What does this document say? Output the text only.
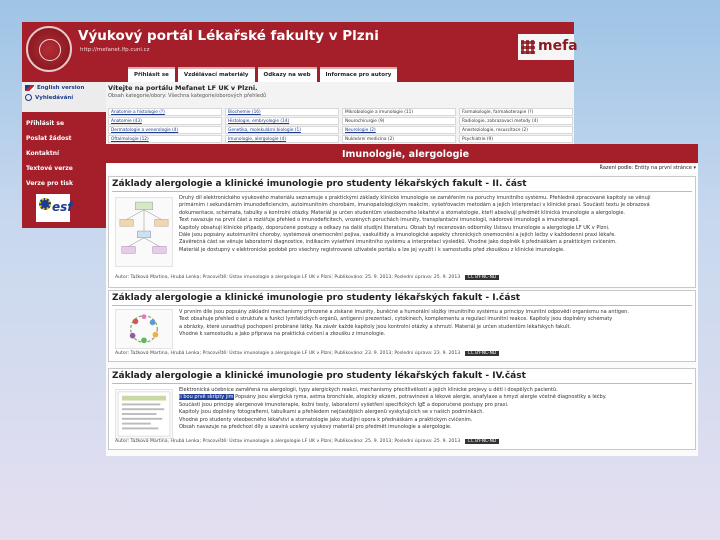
Výukový portál Lékařské fakulty v Plzni
http://mefanet.lfp.cuni.cz	mefa
Přihlásit se	Vzdělávací materiály	Odkazy na web	Informace pro autory
English version
Vyhledávání
Přihlásit se
Poslat žádost
Kontaktní
Textové verze
Verze pro tisk
esf
Vítejte na portálu Mefanet LF UK v Plzni.
Obsah kategorie/obory: Všechna kategorie/oborových přehledů
Anatomie a histologie (?)	Biochemie (16)	Mikrobiologie a imunologie (11)	Farmakologie, farmakoterapie (?)
Anatomie (43)	Histologie, embryologie (14)	Neurochirurgie (9)	Radiologie, zobrazovací metody (4)
Dermatologie a venerologie (4)	Genetika, molekulární biologie (1)	Neurologie (2)	Anesteziologie, resuscitace (2)
Oftalmologie (12)	Imunologie, alergologie (4)	Nukleární medicína (2)	Psychiatrie (9)
Imunologie, alergologie
Řazení podle: Entity na první stránce ▾
Základy alergologie a klinické imunologie pro studenty lékařských fakult - II. část
Druhý díl elektronického výukového materiálu seznamuje s praktickými základy klinické imunologie se zaměřením na poruchy imunitního systému. Přehledně zpracované kapitoly se věnují
primárním i sekundárním imunodeficiencím, autoimunitním chorobám, imunopatologickým reakcím, vyšetřovacím metodám a jejich interpretaci v klinické praxi. Součástí textu je obrazová
dokumentace, schémata, tabulky a kontrolní otázky. Materiál je určen studentům všeobecného lékařství a stomatologie, kteří absolvují předmět klinická imunologie a alergologie.
Text navazuje na první část a rozšiřuje přehled o imunodeficitech, vrozených poruchách imunity, transplantační imunologii, nádorové imunologii a imunoterapii.
Kapitoly obsahují klinické případy, doporučené postupy a odkazy na další studijní literaturu. Obsah byl recenzován odborníky Ústavu imunologie a alergologie LF UK v Plzni.
Dále jsou popsány autoimunitní choroby, systémová onemocnění pojiva, vaskulitidy a imunologické aspekty chronických onemocnění a jejich léčby v každodenní praxi lékaře.
Závěrečná část se věnuje laboratorní diagnostice, indikacím vyšetření imunitního systému a interpretaci výsledků. Vhodné jako doplněk k přednáškám a praktickým cvičením.
Materiál je dostupný v elektronické podobě pro všechny registrované uživatele portálu a lze jej využít i k samostudiu před zkouškou z klinické imunologie.
Autor: Tažková Martina, Hrubá Lenka; Pracoviště: Ústav imunologie a alergologie LF UK v Plzni; Publikováno: 25. 9. 2013; Poslední úprava: 25. 9. 2013 CC BY-NC-ND
Základy alergologie a klinické imunologie pro studenty lékařských fakult - I.část
V prvním díle jsou popsány základní mechanismy přirozené a získané imunity, buněčné a humorální složky imunitního systému a principy imunitní odpovědi organismu na antigen.
Text obsahuje přehled o struktuře a funkci lymfatických orgánů, antigenní prezentaci, cytokinech, komplementu a regulaci imunitní reakce. Kapitoly jsou doplněny schématy
a obrázky, které usnadňují pochopení probírané látky. Na závěr každé kapitoly jsou kontrolní otázky a shrnutí. Materiál je určen studentům lékařských fakult.
Vhodné k samostudiu a jako příprava na praktická cvičení a zkoušku z imunologie.
Autor: Tažková Martina, Hrubá Lenka; Pracoviště: Ústav imunologie a alergologie LF UK v Plzni; Publikováno: 23. 9. 2013; Poslední úprava: 23. 9. 2013 CC BY-NC-ND
Základy alergologie a klinické imunologie pro studenty lékařských fakult - IV.část
Elektronická učebnice zaměřená na alergologii, typy alergických reakcí, mechanismy přecitlivělosti a jejich klinické projevy u dětí i dospělých pacientů.
ji bou prvě skripty jim Popsány jsou alergická rýma, astma bronchiale, atopický ekzém, potravinové a lékové alergie, anafylaxe a hmyzí alergie včetně diagnostiky a léčby.
Součástí jsou principy alergenové imunoterapie, kožní testy, laboratorní vyšetření specifických IgE a doporučené postupy pro praxi.
Kapitoly jsou doplněny fotografiemi, tabulkami a přehledem nejčastějších alergenů vyskytujících se v našich podmínkách.
Vhodné pro studenty všeobecného lékařství a stomatologie jako studijní opora k přednáškám a praktickým cvičením.
Obsah navazuje na předchozí díly a uzavírá ucelený výukový materiál pro předmět imunologie a alergologie.
Autor: Tažková Martina, Hrubá Lenka; Pracoviště: Ústav imunologie a alergologie LF UK v Plzni; Publikováno: 25. 9. 2013; Poslední úprava: 25. 9. 2013 CC BY-NC-ND
